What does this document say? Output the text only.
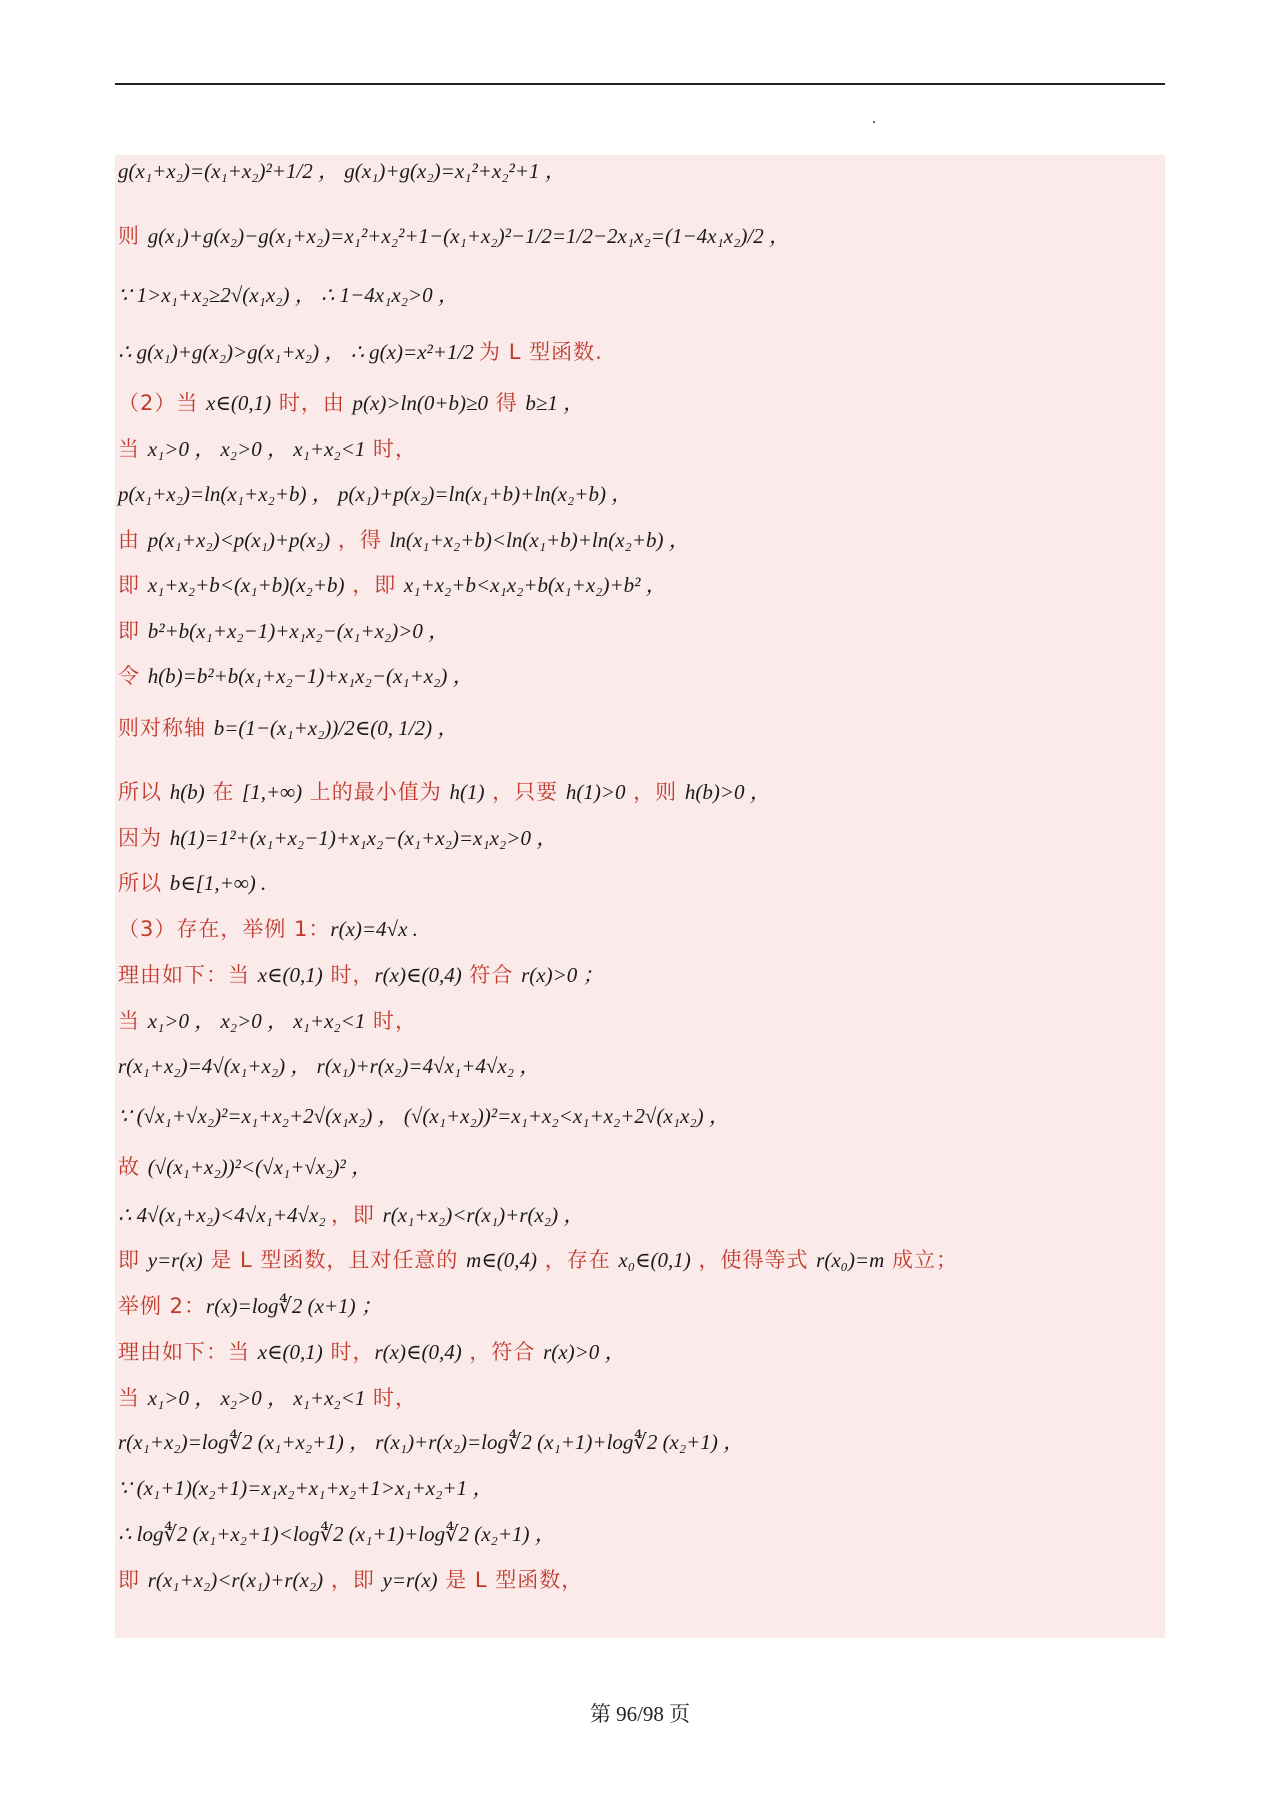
g(x₁+x₂)=(x₁+x₂)²+1/2 ， g(x₁)+g(x₂)=x₁²+x₂²+1 ，
则 g(x₁)+g(x₂)−g(x₁+x₂)=x₁²+x₂²+1−(x₁+x₂)²−1/2=1/2−2x₁x₂=(1−4x₁x₂)/2 ，
∵ 1>x₁+x₂≥2√(x₁x₂) ， ∴ 1−4x₁x₂>0 ，
∴ g(x₁)+g(x₂)>g(x₁+x₂) ， ∴ g(x)=x²+1/2 为 L 型函数.
（2）当 x∈(0,1) 时，由 p(x)>ln(0+b)≥0 得 b≥1 ，
当 x₁>0 ， x₂>0 ， x₁+x₂<1 时，
p(x₁+x₂)=ln(x₁+x₂+b) ， p(x₁)+p(x₂)=ln(x₁+b)+ln(x₂+b) ，
由 p(x₁+x₂)<p(x₁)+p(x₂) ，得 ln(x₁+x₂+b)<ln(x₁+b)+ln(x₂+b) ，
即 x₁+x₂+b<(x₁+b)(x₂+b) ，即 x₁+x₂+b<x₁x₂+b(x₁+x₂)+b² ，
即 b²+b(x₁+x₂−1)+x₁x₂−(x₁+x₂)>0 ，
令 h(b)=b²+b(x₁+x₂−1)+x₁x₂−(x₁+x₂) ，
则对称轴 b=(1−(x₁+x₂))/2∈(0, 1/2) ，
所以 h(b) 在 [1,+∞) 上的最小值为 h(1) ，只要 h(1)>0 ，则 h(b)>0 ，
因为 h(1)=1²+(x₁+x₂−1)+x₁x₂−(x₁+x₂)=x₁x₂>0 ，
所以 b∈[1,+∞) .
（3）存在，举例 1：r(x)=4√x .
理由如下：当 x∈(0,1) 时，r(x)∈(0,4) 符合 r(x)>0 ；
当 x₁>0 ， x₂>0 ， x₁+x₂<1 时，
r(x₁+x₂)=4√(x₁+x₂) ， r(x₁)+r(x₂)=4√x₁+4√x₂ ，
∵ (√x₁+√x₂)²=x₁+x₂+2√(x₁x₂) ， (√(x₁+x₂))²=x₁+x₂<x₁+x₂+2√(x₁x₂) ，
故 (√(x₁+x₂))²<(√x₁+√x₂)² ，
∴ 4√(x₁+x₂)<4√x₁+4√x₂ ，即 r(x₁+x₂)<r(x₁)+r(x₂) ，
即 y=r(x) 是 L 型函数，且对任意的 m∈(0,4) ，存在 x₀∈(0,1) ，使得等式 r(x₀)=m 成立；
举例 2：r(x)=log∜2 (x+1) ；
理由如下：当 x∈(0,1) 时，r(x)∈(0,4) ，符合 r(x)>0 ，
当 x₁>0 ， x₂>0 ， x₁+x₂<1 时，
r(x₁+x₂)=log∜2 (x₁+x₂+1) ， r(x₁)+r(x₂)=log∜2 (x₁+1)+log∜2 (x₂+1) ，
∵ (x₁+1)(x₂+1)=x₁x₂+x₁+x₂+1>x₁+x₂+1 ，
∴ log∜2 (x₁+x₂+1)<log∜2 (x₁+1)+log∜2 (x₂+1) ，
即 r(x₁+x₂)<r(x₁)+r(x₂) ，即 y=r(x) 是 L 型函数，
第 96/98 页
